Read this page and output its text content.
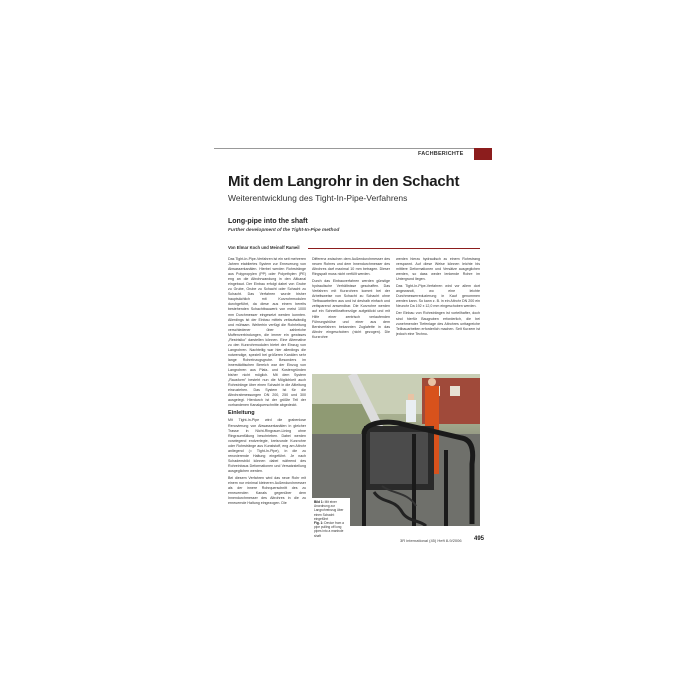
FACHBERICHTE
Mit dem Langrohr in den Schacht
Weiterentwicklung des Tight-In-Pipe-Verfahrens
Long-pipe into the shaft
Further development of the Tight-In-Pipe method
Von Elmar Koch und Meinolf Rameil

Das Tight-In-Pipe-Verfahren ist ein seit mehreren Jahren etabliertes System zur Erneuerung von Abwasserkanälen. Hierbei werden Rohrstränge aus Polypropylen (PP) oder Polyethylen (PE) eng an die Altrohrwandung in den Altkanal eingebaut. Der Einbau erfolgt dabei von Grube zu Grube, Grube zu Schacht oder Schacht zu Schacht. Das Verfahren wurde bisher hauptsächlich mit Kurzrohrmodulen durchgeführt, da diese aus einem bereits bestehenden Schachtbauwerk von meist 1000 mm Durchmesser eingesetzt werden konnten. Allerdings ist der Einbau mittels zeitaufwändig und mühsam. Weiterhin verfügt die Rohrleitung verschiedener über zahlreiche Muffenverbindungen, die immer ein gewisses „Restrisiko" darstellen können. Eine Alternative zu den Kurzrohrmodulen bietet der Einzug von Langrohren. Nachteilig war hier allerdings die notwendige, speziell bei größeren Kanälen sehr lange Rohreinzugsgrube. Besonders im innerstädtischen Bereich war der Einzug von Langrohren aus Platz- und Kostengründen bisher nicht möglich. Mit dem System „Rausform" besteht nun die Möglichkeit auch Rohrstränge über einen Schacht in die Altleitung einzuziehen. Das System ist für die Altrohrabmessungen DN 200, 250 und 300 ausgelegt. Hierdurch ist der größte Teil der vorhandenen Kanalquerschnitte abgedeckt.

Einleitung

Mit Tight-In-Pipe wird die grabenlose Renovierung von Abwasserkanälen in gleicher Trasse in Nicht-Ringraum-Lining ohne Ringraumfüllung beschrieben. Dabei werden vorwiegend endverlegte, kreisrunde Kurzrohre oder Rohrstränge aus Kunststoff, eng am Altrohr anliegend (= Tight-In-Pipe), in die zu renovierende Haltung eingeführt. Je nach Schadensbild können dabei während des Rohreinbaus Deformationen und Versatzstellung ausgeglichen werden.

Bei diesem Verfahren wird das neue Rohr mit einem nur minimal kleineren Außendurchmesser als der innere Rohrquerschnitt des zu erneuernden Kanals gegenüber dem Innendurchmesser des Altrohres in die zu erneuernde Haltung eingezogen. Die

Differenz zwischen dem Außendurchmesser des neuen Rohres und dem Innendurchmesser des Altrohres darf maximal 10 mm betragen. Dieser Ringspalt muss nicht verfüllt werden.

Durch das Einbauverfahren werden günstige hydraulische Verhältnisse geschaffen. Das Verfahren mit Kurzrohren kommt bei der Arbeitsweise von Schacht zu Schacht ohne Tiefbauarbeiten aus und ist deshalb einfach und zeitsparend anwendbar. Die Kurzrohre werden auf ein Schnellkraftverzüge aufgeklickt und mit Hilfe einer zentrisch verlaufenden Führungshülse und einer aus dem Berstverfahren bekannten Zuglafette in das Altrohr eingeschoben (nicht gezogen). Die Kurzrohre

werden hierzu hydraulisch zu einem Rohrstrang verspannt. Auf diese Weise können leichte bis mittlere Deformationen und Versätze ausgeglichen werden, so dass weder lenkende Rohre im Untergrund liegen.

Das Tight-In-Pipe-Verfahren wird vor allem dort angewandt, wo eine leichte Durchmesserreduzierung in Kauf genommen werden kann. So kann z. B. in ein Altrohr DN 200 ein Neurohr Da 192 x 12,0 mm eingeschoben werden.

Der Einbau von Rohrsträngen ist vorteilhafter, doch sind hierfür Baugruben erforderlich, die bei zunehmender Tiefenlage des Altrohres unttagreiche Teilbauarbeiten erforderlich machen. Seit Kurzem ist jedoch eine Techno-

Bild 1: Mit einer Anordnung zur Langrohreinzug über einen Schacht eingeführt
Fig. 1: Device from a pipe pulling off long pipes into a manhole shaft
3R international (45) Heft 8-9/2006 495
